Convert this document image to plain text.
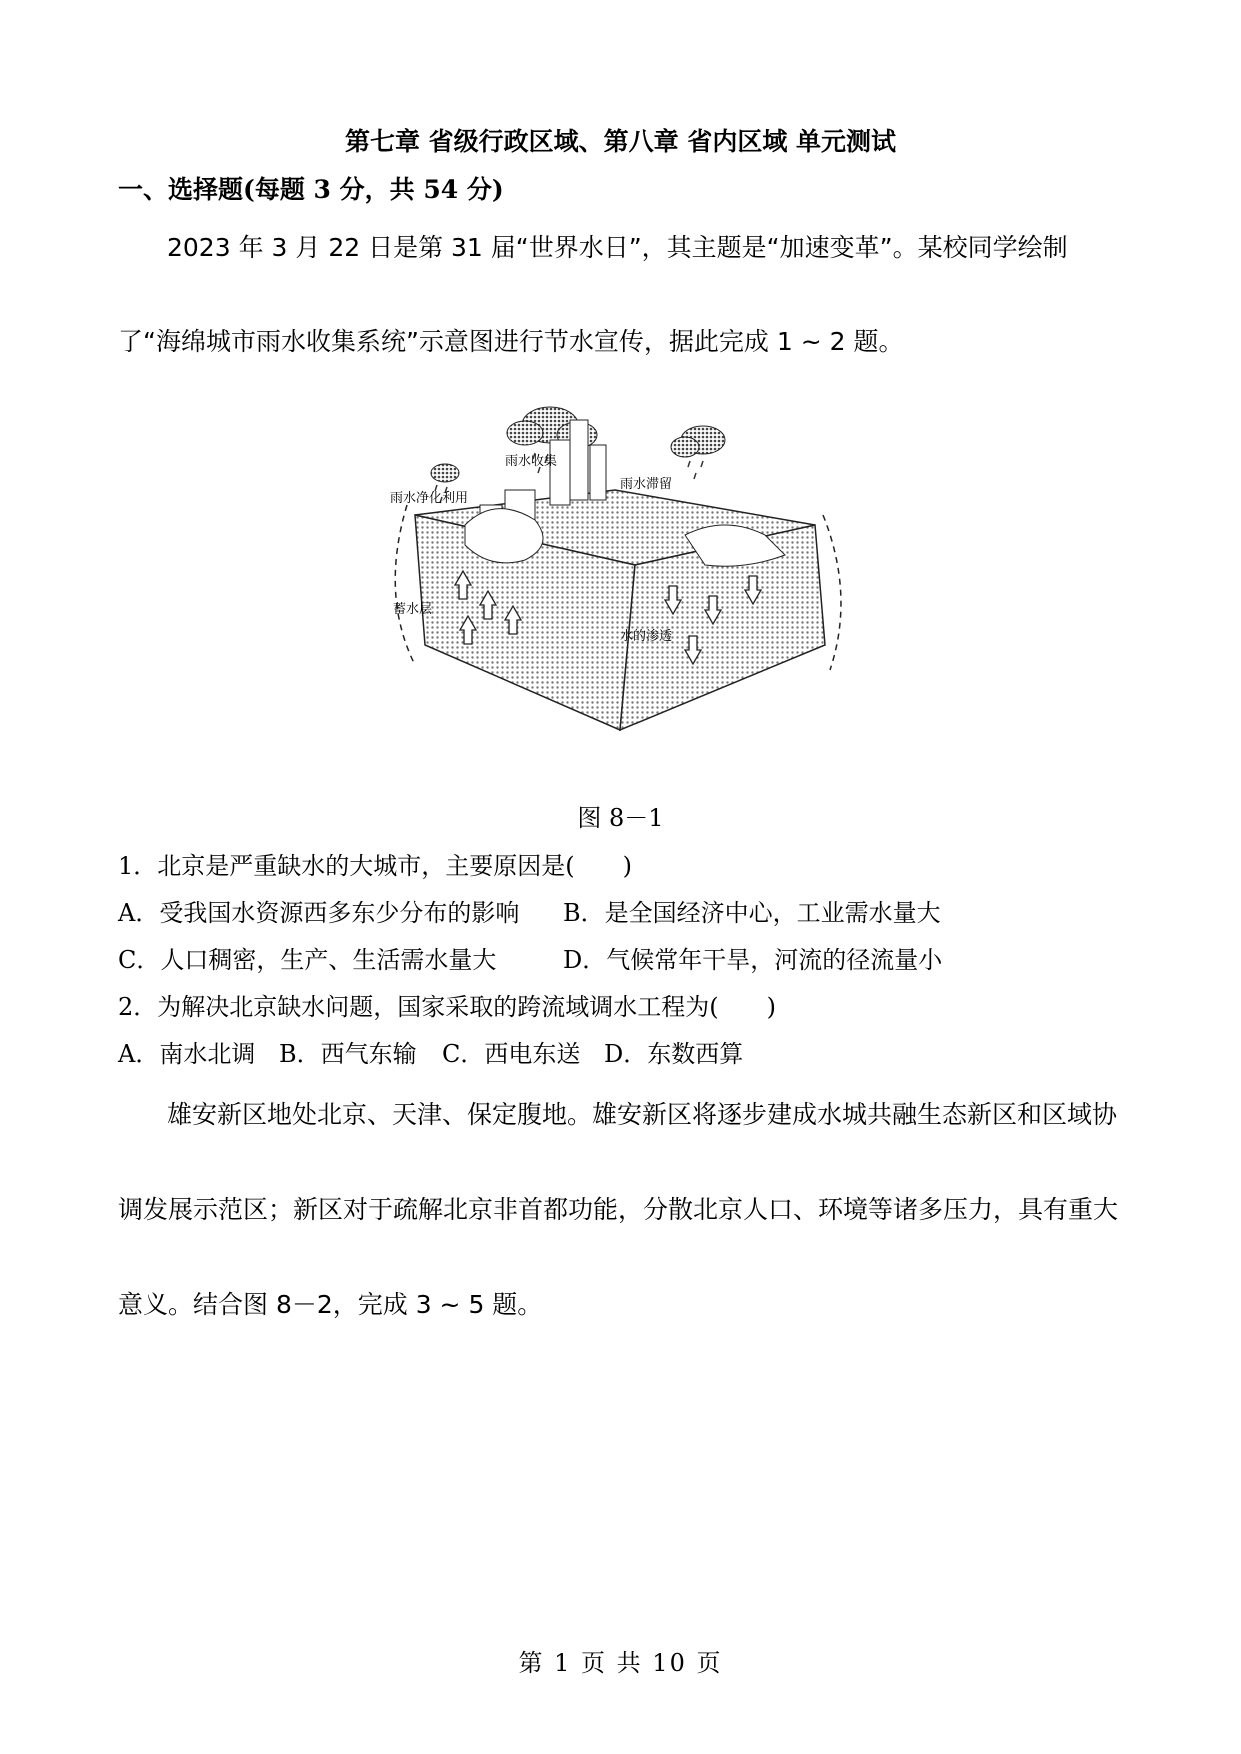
第七章 省级行政区域、第八章 省内区域 单元测试
一、选择题(每题 3 分，共 54 分)
2023 年 3 月 22 日是第 31 届“世界水日”，其主题是“加速变革”。某校同学绘制
了“海绵城市雨水收集系统”示意图进行节水宣传，据此完成 1 ~ 2 题。
雨水收集
雨水净化利用
雨水滞留
蓄水层
水的渗透
图 8－1
1．北京是严重缺水的大城市，主要原因是(　　)
A．受我国水资源西多东少分布的影响 B．是全国经济中心，工业需水量大
C．人口稠密，生产、生活需水量大	D．气候常年干旱，河流的径流量小
2．为解决北京缺水问题，国家采取的跨流域调水工程为(　　)
A．南水北调 B．西气东输 C．西电东送 D．东数西算
雄安新区地处北京、天津、保定腹地。雄安新区将逐步建成水城共融生态新区和区域协
调发展示范区；新区对于疏解北京非首都功能，分散北京人口、环境等诸多压力，具有重大
意义。结合图 8－2，完成 3 ~ 5 题。
第 1 页 共 10 页
